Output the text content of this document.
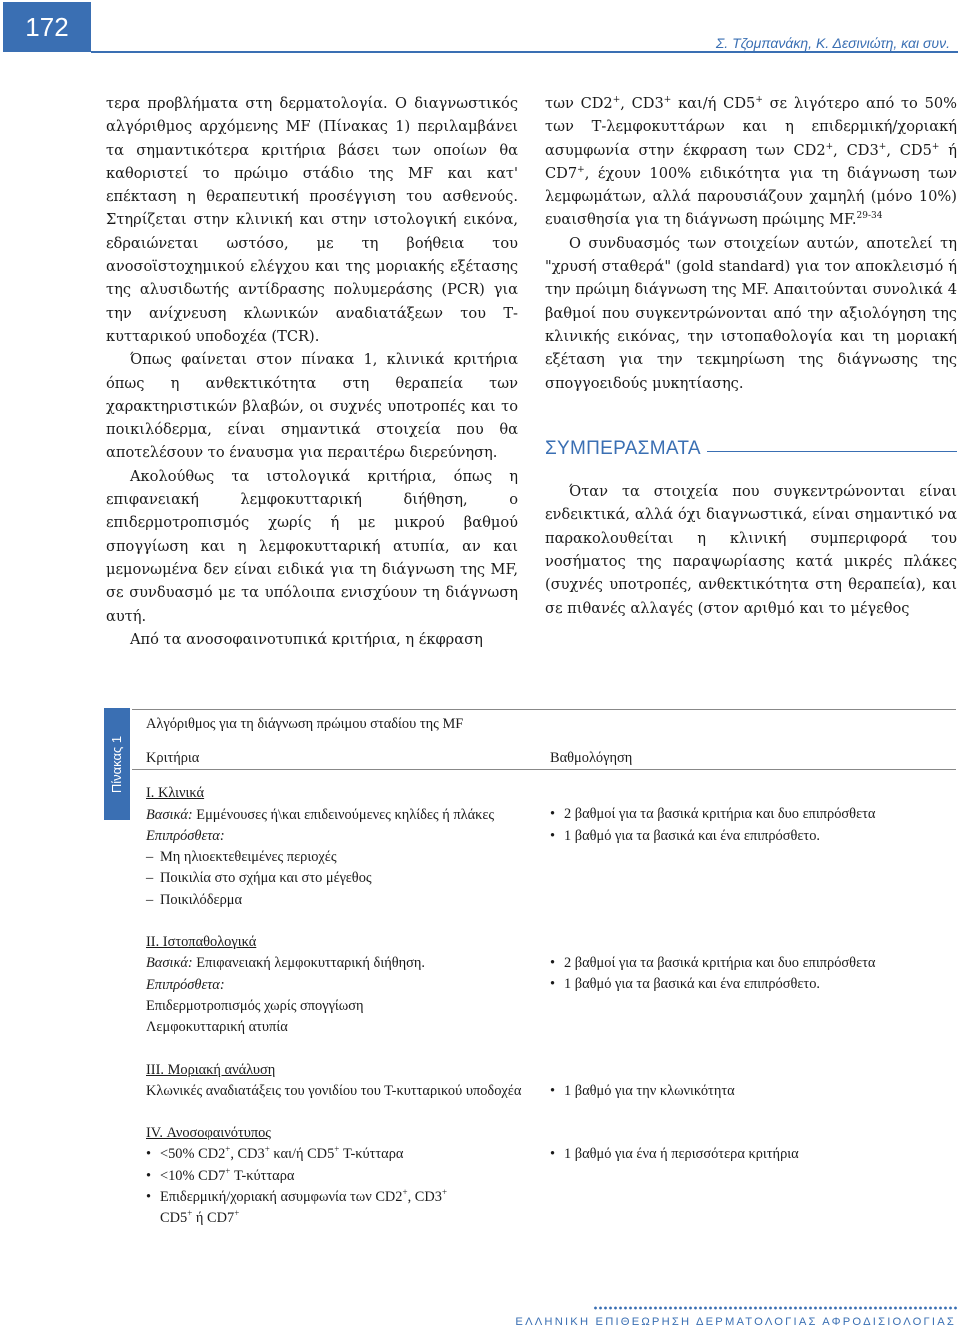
172
Σ. Τζομπανάκη, Κ. Δεσινιώτη, και συν.

τερα προβλήματα στη δερματολογία. Ο διαγνωστικός αλγόριθμος αρχόμενης MF (Πίνακας 1) περιλαμβάνει τα σημαντικότερα κριτήρια βάσει των οποίων θα καθοριστεί το πρώιμο στάδιο της MF και κατ' επέκταση η θεραπευτική προσέγγιση του ασθενούς. Στηρίζεται στην κλινική και στην ιστολογική εικόνα, εδραιώνεται ωστόσο, με τη βοήθεια του ανοσοϊστοχημικού ελέγχου και της μοριακής εξέτασης της αλυσιδωτής αντίδρασης πολυμεράσης (PCR) για την ανίχνευση κλωνικών αναδιατάξεων του Τ-κυτταρικού υποδοχέα (TCR).

Όπως φαίνεται στον πίνακα 1, κλινικά κριτήρια όπως η ανθεκτικότητα στη θεραπεία των χαρακτηριστικών βλαβών, οι συχνές υποτροπές και το ποικιλόδερμα, είναι σημαντικά στοιχεία που θα αποτελέσουν το έναυσμα για περαιτέρω διερεύνηση.

Ακολούθως τα ιστολογικά κριτήρια, όπως η επιφανειακή λεμφοκυτταρική διήθηση, ο επιδερμοτροπισμός χωρίς ή με μικρού βαθμού σπογγίωση και η λεμφοκυτταρική ατυπία, αν και μεμονωμένα δεν είναι ειδικά για τη διάγνωση της MF, σε συνδυασμό με τα υπόλοιπα ενισχύουν τη διάγνωση αυτή.

Από τα ανοσοφαινοτυπικά κριτήρια, η έκφραση

των CD2+, CD3+ και/ή CD5+ σε λιγότερο από το 50% των Τ-λεμφοκυττάρων και η επιδερμική/χοριακή ασυμφωνία στην έκφραση των CD2+, CD3+, CD5+ ή CD7+, έχουν 100% ειδικότητα για τη διάγνωση των λεμφωμάτων, αλλά παρουσιάζουν χαμηλή (μόνο 10%) ευαισθησία για τη διάγνωση πρώιμης MF.$^{29-34}$

Ο συνδυασμός των στοιχείων αυτών, αποτελεί τη "χρυσή σταθερά" (gold standard) για τον αποκλεισμό ή την πρώιμη διάγνωση της MF. Απαιτούνται συνολικά 4 βαθμοί που συγκεντρώνονται από την αξιολόγηση της κλινικής εικόνας, την ιστοπαθολογία και τη μοριακή εξέταση για την τεκμηρίωση της διάγνωσης της σπογγοειδούς μυκητίασης.

ΣΥΜΠΕΡΑΣΜΑΤΑ

Όταν τα στοιχεία που συγκεντρώνονται είναι ενδεικτικά, αλλά όχι διαγνωστικά, είναι σημαντικό να παρακολουθείται η κλινική συμπεριφορά του νοσήματος της παραψωρίασης κατά μικρές πλάκες (συχνές υποτροπές, ανθεκτικότητα στη θεραπεία), και σε πιθανές αλλαγές (στον αριθμό και το μέγεθος

Πίνακας 1
Αλγόριθμος για τη διάγνωση πρώιμου σταδίου της MF
Κριτήρια	Βαθμολόγηση
I. Κλινικά
Βασικά: Εμμένουσες ή\και επιδεινούμενες κηλίδες ή πλάκες
Επιπρόσθετα:
– Μη ηλιοεκτεθειμένες περιοχές
– Ποικιλία στο σχήμα και στο μέγεθος
– Ποικιλόδερμα
• 2 βαθμοί για τα βασικά κριτήρια και δυο επιπρόσθετα
• 1 βαθμό για τα βασικά και ένα επιπρόσθετο.
II. Ιστοπαθολογικά
Βασικά: Επιφανειακή λεμφοκυτταρική διήθηση.
Επιπρόσθετα:
Επιδερμοτροπισμός χωρίς σπογγίωση
Λεμφοκυτταρική ατυπία
• 2 βαθμοί για τα βασικά κριτήρια και δυο επιπρόσθετα
• 1 βαθμό για τα βασικά και ένα επιπρόσθετο.
III. Μοριακή ανάλυση
Κλωνικές αναδιατάξεις του γονιδίου του Τ-κυτταρικού υποδοχέα
•	1 βαθμό για την κλωνικότητα
IV. Ανοσοφαινότυπος
• <50% CD2+, CD3+ και/ή CD5+ Τ-κύτταρα
• <10% CD7+ Τ-κύτταρα
• Επιδερμική/χοριακή ασυμφωνία των CD2+, CD3+
CD5+ ή CD7+
• 1 βαθμό για ένα ή περισσότερα κριτήρια
ΕΛΛΗΝΙΚΗ ΕΠΙΘΕΩΡΗΣΗ ΔΕΡΜΑΤΟΛΟΓΙΑΣ ΑΦΡΟΔΙΣΙΟΛΟΓΙΑΣ
